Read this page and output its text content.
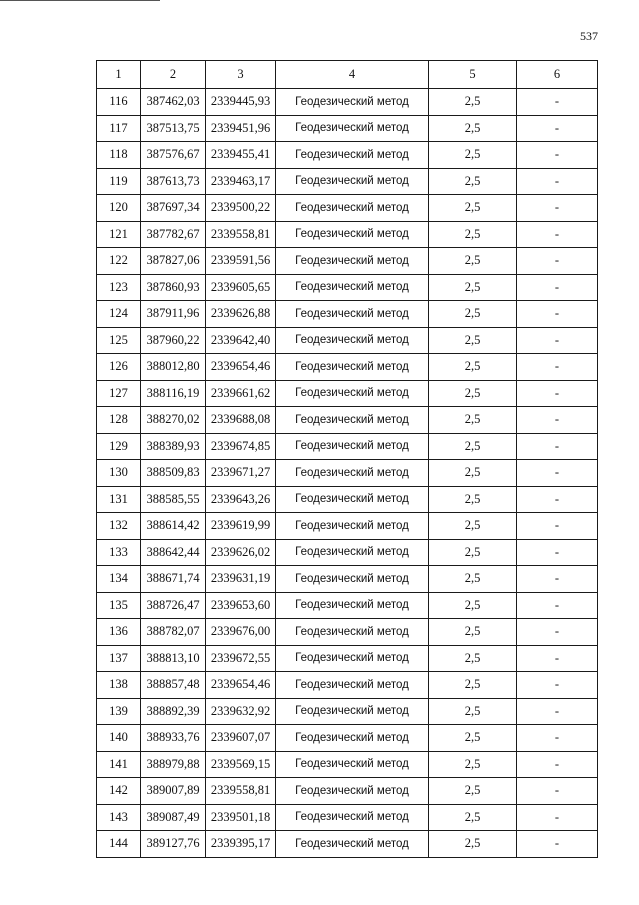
537
1	2	3	4	5	6
116	387462,03	2339445,93	Геодезический метод	2,5	-
117	387513,75	2339451,96	Геодезический метод	2,5	-
118	387576,67	2339455,41	Геодезический метод	2,5	-
119	387613,73	2339463,17	Геодезический метод	2,5	-
120	387697,34	2339500,22	Геодезический метод	2,5	-
121	387782,67	2339558,81	Геодезический метод	2,5	-
122	387827,06	2339591,56	Геодезический метод	2,5	-
123	387860,93	2339605,65	Геодезический метод	2,5	-
124	387911,96	2339626,88	Геодезический метод	2,5	-
125	387960,22	2339642,40	Геодезический метод	2,5	-
126	388012,80	2339654,46	Геодезический метод	2,5	-
127	388116,19	2339661,62	Геодезический метод	2,5	-
128	388270,02	2339688,08	Геодезический метод	2,5	-
129	388389,93	2339674,85	Геодезический метод	2,5	-
130	388509,83	2339671,27	Геодезический метод	2,5	-
131	388585,55	2339643,26	Геодезический метод	2,5	-
132	388614,42	2339619,99	Геодезический метод	2,5	-
133	388642,44	2339626,02	Геодезический метод	2,5	-
134	388671,74	2339631,19	Геодезический метод	2,5	-
135	388726,47	2339653,60	Геодезический метод	2,5	-
136	388782,07	2339676,00	Геодезический метод	2,5	-
137	388813,10	2339672,55	Геодезический метод	2,5	-
138	388857,48	2339654,46	Геодезический метод	2,5	-
139	388892,39	2339632,92	Геодезический метод	2,5	-
140	388933,76	2339607,07	Геодезический метод	2,5	-
141	388979,88	2339569,15	Геодезический метод	2,5	-
142	389007,89	2339558,81	Геодезический метод	2,5	-
143	389087,49	2339501,18	Геодезический метод	2,5	-
144	389127,76	2339395,17	Геодезический метод	2,5	-
